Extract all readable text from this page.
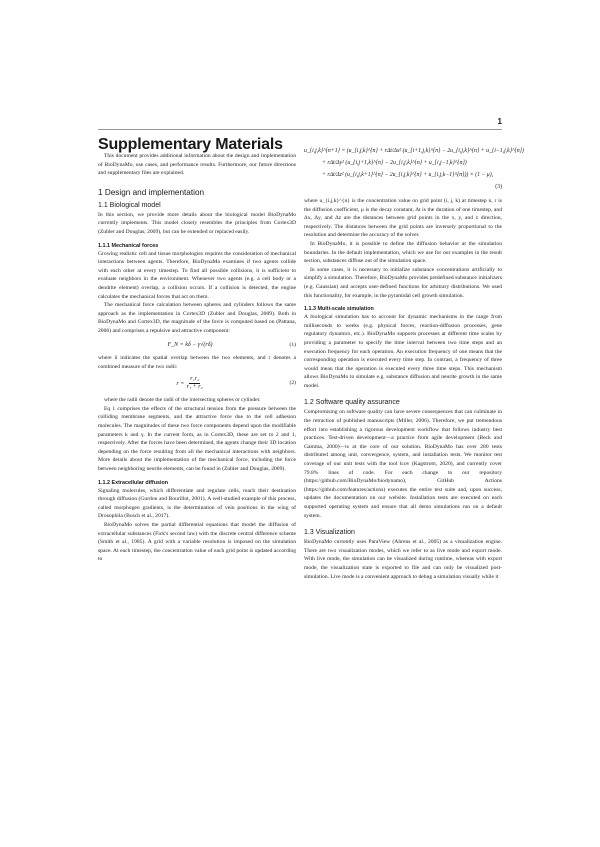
1
Supplementary Materials

This document provides additional information about the design and implementation of BioDynaMo, use cases, and performance results. Furthermore, our future directions and supplementary files are explained.

1 Design and implementation
1.1 Biological model

In this section, we provide more details about the biological model BioDynaMo currently implements. This model closely resembles the principles from Cortex3D (Zubler and Douglas, 2009), but can be extended or replaced easily.

1.1.1 Mechanical forces

Growing realistic cell and tissue morphologies requires the consideration of mechanical interactions between agents. Therefore, BioDynaMo examines if two agents collide with each other at every timestep. To find all possible collisions, it is sufficient to evaluate neighbors in the environment. Whenever two agents (e.g. a cell body or a dendrite element) overlap, a collision occurs. If a collision is detected, the engine calculates the mechanical forces that act on them.

The mechanical force calculation between spheres and cylinders follows the same approach as the implementation in Cortex3D (Zubler and Douglas, 2009). Both in BioDynaMo and Cortex3D, the magnitude of the force is computed based on (Pattana, 2006) and comprises a repulsive and attractive component:

F_N = kδ − γ√(rδ)	(1)

where δ indicates the spatial overlap between the two elements, and r denotes a combined measure of the two radii:

$r = \frac{\text{r₁r₂}}{\text{r₁ + r₂}}$	(2)

where the radii denote the radii of the intersecting spheres or cylinder.

Eq 1 comprises the effects of the structural tension from the pressure between the colliding membrane segments, and the attractive force due to the cell adhesion molecules. The magnitudes of these two force components depend upon the modifiable parameters k and γ. In the current form, as in Cortex3D, these are set to 2 and 1, respectively. After the forces have been determined, the agents change their 3D location depending on the force resulting from all the mechanical interactions with neighbors. More details about the implementation of the mechanical force, including the force between neighboring neurite elements, can be found in (Zubler and Douglas, 2009).

1.1.2 Extracellular diffusion

Signaling molecules, which differentiate and regulate cells, reach their destination through diffusion (Gurdon and Bourillot, 2001). A well-studied example of this process, called morphogen gradients, is the determination of vein positions in the wing of Drosophila (Bosch et al., 2017).

BioDynaMo solves the partial differential equations that model the diffusion of extracellular substances (Fick's second law) with the discrete central difference scheme (Smith et al., 1985). A grid with a variable resolution is imposed on the simulation space. At each timestep, the concentration value of each grid point is updated according to

u_{i,j,k}^{n+1} = (u_{i,j,k}^{n} + rΔt/Δx² (u_{i+1,j,k}^{n} − 2u_{i,j,k}^{n} + u_{i−1,j,k}^{n})
+ rΔt/Δy² (u_{i,j+1,k}^{n} − 2u_{i,j,k}^{n} + u_{i,j−1,k}^{n})
+ rΔt/Δz² (u_{i,j,k+1}^{n} − 2u_{i,j,k}^{n} + u_{i,j,k−1}^{n})) × (1 − μ),
(3)

where u_{i,j,k}^{n} is the concentration value on grid point (i, j, k) at timestep n, r is the diffusion coefficient, μ is the decay constant, Δt is the duration of one timestep, and Δx, Δy, and Δz are the distances between grid points in the x, y, and z direction, respectively. The distances between the grid points are inversely proportional to the resolution and determine the accuracy of the solver.

In BioDynaMo, it is possible to define the diffusion behavior at the simulation boundaries. In the default implementation, which we use for our examples in the result section, substances diffuse out of the simulation space.

In some cases, it is necessary to initialize substance concentrations artificially to simplify a simulation. Therefore, BioDynaMo provides predefined substance initializers (e.g. Gaussian) and accepts user-defined functions for arbitrary distributions. We used this functionality, for example, in the pyramidal cell growth simulation.

1.1.3 Multi-scale simulation

A biological simulation has to account for dynamic mechanisms in the range from milliseconds to weeks (e.g. physical forces, reaction-diffusion processes, gene regulatory dynamics, etc.). BioDynaMo supports processes at different time scales by providing a parameter to specify the time interval between two time steps and an execution frequency for each operation. An execution frequency of one means that the corresponding operation is executed every time step. In contrast, a frequency of three would mean that the operation is executed every three time steps. This mechanism allows BioDynaMo to simulate e.g. substance diffusion and neurite growth in the same model.

1.2 Software quality assurance

Compromising on software quality can have severe consequences that can culminate in the retraction of published manuscripts (Miller, 2006). Therefore, we put tremendous effort into establishing a rigorous development workflow that follows industry best practices. Test-driven development—a practice from agile development (Beck and Gamma, 2000)—is at the core of our solution. BioDynaMo has over 280 tests distributed among unit, convergence, system, and installation tests. We monitor test coverage of our unit tests with the tool lcov (Kagstrom, 2020), and currently cover 79.8% lines of code. For each change to our repository (https://github.com/BioDynaMo/biodynamo), GitHub Actions (https://github.com/features/actions) executes the entire test suite and, upon success, updates the documentation on our website. Installation tests are executed on each supported operating system and ensure that all demo simulations run on a default system.

1.3 Visualization

BioDynaMo currently uses ParaView (Ahrens et al., 2005) as a visualization engine. There are two visualization modes, which we refer to as live mode and export mode. With live mode, the simulation can be visualized during runtime, whereas with export mode, the visualization state is exported to file and can only be visualized post-simulation. Live mode is a convenient approach to debug a simulation visually while it
